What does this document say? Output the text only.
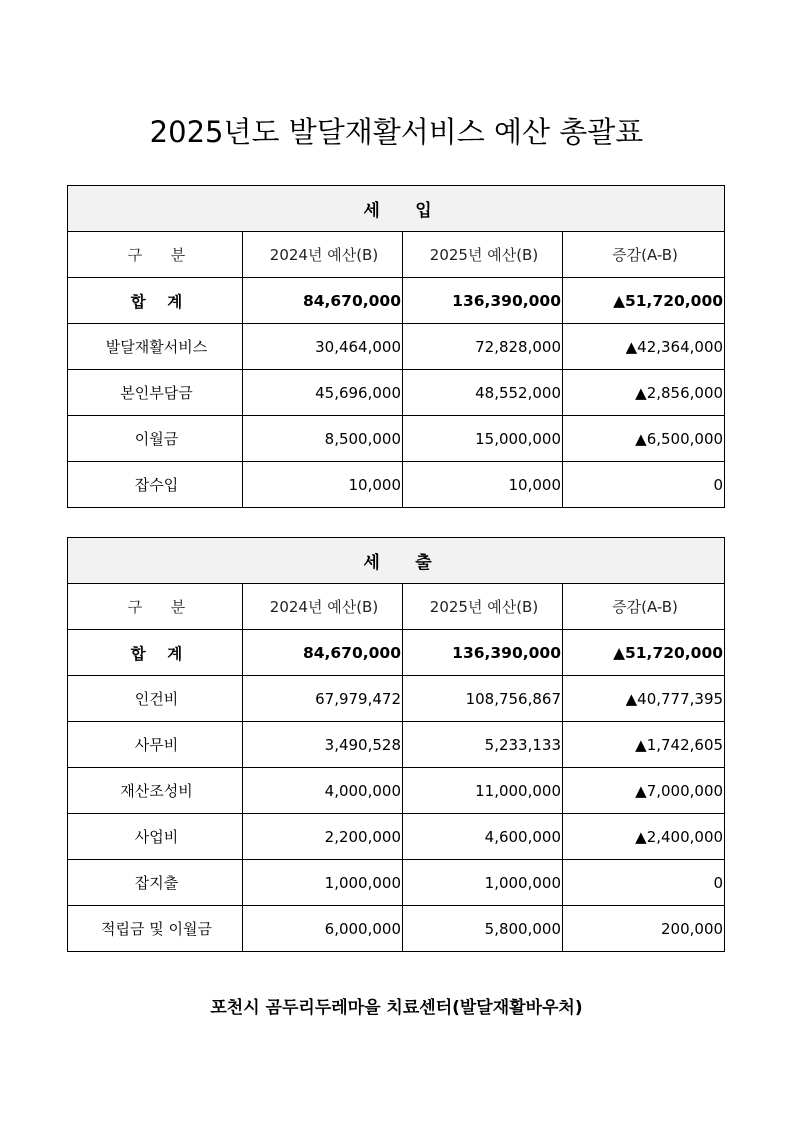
2025년도 발달재활서비스 예산 총괄표
세      입			
구      분	2024년 예산(B)	2025년 예산(B)	증감(A-B)
합    계	84,670,000	136,390,000	▲51,720,000
발달재활서비스	30,464,000	72,828,000	▲42,364,000
본인부담금	45,696,000	48,552,000	▲2,856,000
이월금	8,500,000	15,000,000	▲6,500,000
잡수입	10,000	10,000	0
세      출			
구      분	2024년 예산(B)	2025년 예산(B)	증감(A-B)
합    계	84,670,000	136,390,000	▲51,720,000
인건비	67,979,472	108,756,867	▲40,777,395
사무비	3,490,528	5,233,133	▲1,742,605
재산조성비	4,000,000	11,000,000	▲7,000,000
사업비	2,200,000	4,600,000	▲2,400,000
잡지출	1,000,000	1,000,000	0
적립금 및 이월금	6,000,000	5,800,000	200,000
포천시 곰두리두레마을 치료센터(발달재활바우처)
